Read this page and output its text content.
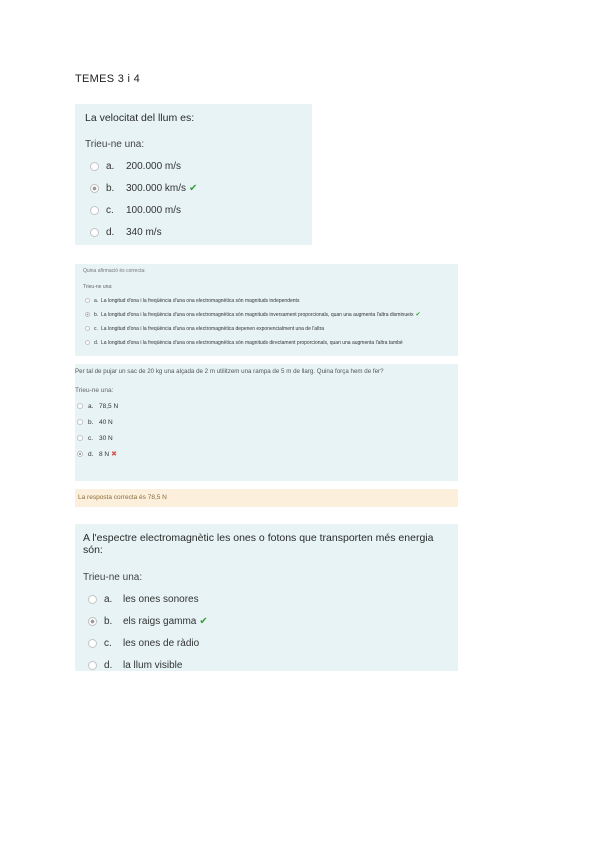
TEMES 3 i 4
La velocitat del llum es:
Trieu-ne una:
a.	200.000 m/s
b.	300.000 km/s ✔
c.	100.000 m/s
d.	340 m/s
Quina afirmació és correcta:
Trieu-ne una:
a. La longitud d'ona i la freqüència d'una ona electromagnètica són magnituds independents
b. La longitud d'ona i la freqüència d'una ona electromagnètica són magnituds inversament proporcionals, quan una augmenta l'altra disminueix ✔
c. La longitud d'ona i la freqüència d'una ona electromagnètica depenen exponencialment una de l'altra
d. La longitud d'ona i la freqüència d'una ona electromagnètica són magnituds directament proporcionals, quan una augmenta l'altra també
Per tal de pujar un sac de 20 kg una alçada de 2 m utilitzem una rampa de 5 m de llarg. Quina força hem de fer?
Trieu-ne una:
a. 78,5 N
b. 40 N
c. 30 N
d. 8 N ✖
La resposta correcta és 78,5 N
A l'espectre electromagnètic les ones o fotons que transporten més energia són:
Trieu-ne una:
a.	les ones sonores
b.	els raigs gamma ✔
c.	les ones de ràdio
d.	la llum visible
